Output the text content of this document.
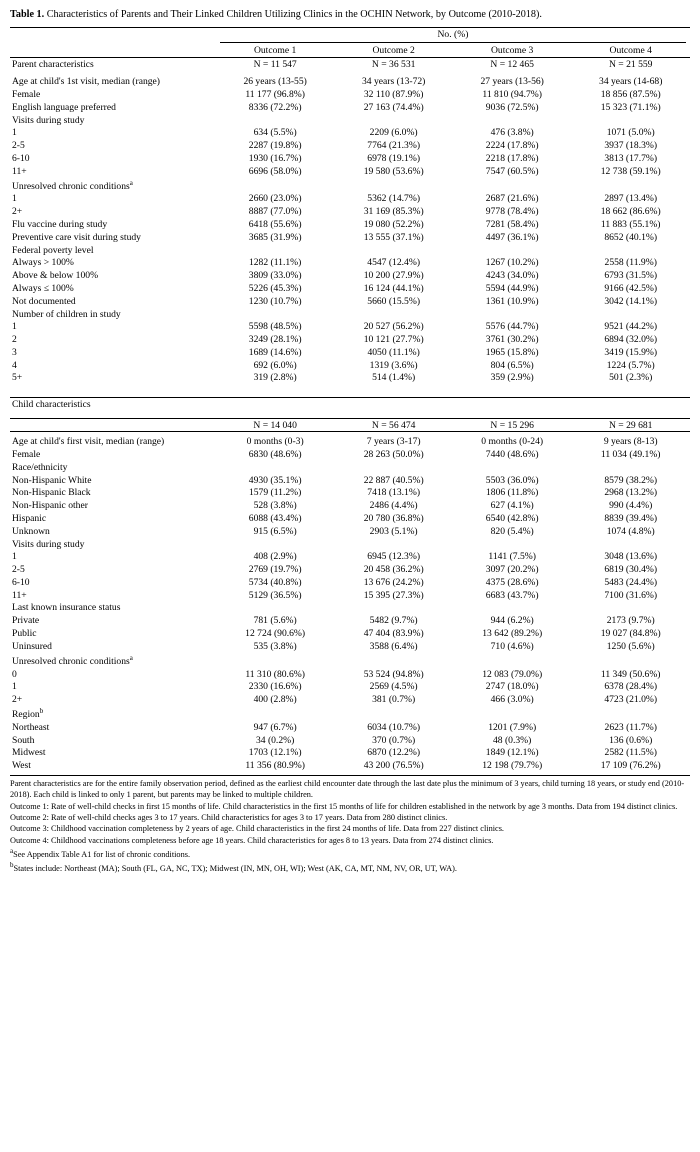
Table 1. Characteristics of Parents and Their Linked Children Utilizing Clinics in the OCHIN Network, by Outcome (2010-2018).

	No. (%)			

	Outcome 1	Outcome 2	Outcome 3	Outcome 4
Parent characteristics	N = 11 547	N = 36 531	N = 12 465	N = 21 559

Age at child's 1st visit, median (range)	26 years (13-55)	34 years (13-72)	27 years (13-56)	34 years (14-68)
Female	11 177 (96.8%)	32 110 (87.9%)	11 810 (94.7%)	18 856 (87.5%)
English language preferred	8336 (72.2%)	27 163 (74.4%)	9036 (72.5%)	15 323 (71.1%)
Visits during study				
1	634 (5.5%)	2209 (6.0%)	476 (3.8%)	1071 (5.0%)
2-5	2287 (19.8%)	7764 (21.3%)	2224 (17.8%)	3937 (18.3%)
6-10	1930 (16.7%)	6978 (19.1%)	2218 (17.8%)	3813 (17.7%)
11+	6696 (58.0%)	19 580 (53.6%)	7547 (60.5%)	12 738 (59.1%)
Unresolved chronic conditions$^a$				
1	2660 (23.0%)	5362 (14.7%)	2687 (21.6%)	2897 (13.4%)
2+	8887 (77.0%)	31 169 (85.3%)	9778 (78.4%)	18 662 (86.6%)
Flu vaccine during study	6418 (55.6%)	19 080 (52.2%)	7281 (58.4%)	11 883 (55.1%)
Preventive care visit during study	3685 (31.9%)	13 555 (37.1%)	4497 (36.1%)	8652 (40.1%)
Federal poverty level				
Always > 100%	1282 (11.1%)	4547 (12.4%)	1267 (10.2%)	2558 (11.9%)
Above & below 100%	3809 (33.0%)	10 200 (27.9%)	4243 (34.0%)	6793 (31.5%)
Always ≤ 100%	5226 (45.3%)	16 124 (44.1%)	5594 (44.9%)	9166 (42.5%)
Not documented	1230 (10.7%)	5660 (15.5%)	1361 (10.9%)	3042 (14.1%)
Number of children in study				
1	5598 (48.5%)	20 527 (56.2%)	5576 (44.7%)	9521 (44.2%)
2	3249 (28.1%)	10 121 (27.7%)	3761 (30.2%)	6894 (32.0%)
3	1689 (14.6%)	4050 (11.1%)	1965 (15.8%)	3419 (15.9%)
4	692 (6.0%)	1319 (3.6%)	804 (6.5%)	1224 (5.7%)
5+	319 (2.8%)	514 (1.4%)	359 (2.9%)	501 (2.3%)

Child characteristics				

	N = 14 040	N = 56 474	N = 15 296	N = 29 681

Age at child's first visit, median (range)	0 months (0-3)	7 years (3-17)	0 months (0-24)	9 years (8-13)
Female	6830 (48.6%)	28 263 (50.0%)	7440 (48.6%)	11 034 (49.1%)
Race/ethnicity				
Non-Hispanic White	4930 (35.1%)	22 887 (40.5%)	5503 (36.0%)	8579 (38.2%)
Non-Hispanic Black	1579 (11.2%)	7418 (13.1%)	1806 (11.8%)	2968 (13.2%)
Non-Hispanic other	528 (3.8%)	2486 (4.4%)	627 (4.1%)	990 (4.4%)
Hispanic	6088 (43.4%)	20 780 (36.8%)	6540 (42.8%)	8839 (39.4%)
Unknown	915 (6.5%)	2903 (5.1%)	820 (5.4%)	1074 (4.8%)
Visits during study				
1	408 (2.9%)	6945 (12.3%)	1141 (7.5%)	3048 (13.6%)
2-5	2769 (19.7%)	20 458 (36.2%)	3097 (20.2%)	6819 (30.4%)
6-10	5734 (40.8%)	13 676 (24.2%)	4375 (28.6%)	5483 (24.4%)
11+	5129 (36.5%)	15 395 (27.3%)	6683 (43.7%)	7100 (31.6%)
Last known insurance status				
Private	781 (5.6%)	5482 (9.7%)	944 (6.2%)	2173 (9.7%)
Public	12 724 (90.6%)	47 404 (83.9%)	13 642 (89.2%)	19 027 (84.8%)
Uninsured	535 (3.8%)	3588 (6.4%)	710 (4.6%)	1250 (5.6%)
Unresolved chronic conditions$^a$				
0	11 310 (80.6%)	53 524 (94.8%)	12 083 (79.0%)	11 349 (50.6%)
1	2330 (16.6%)	2569 (4.5%)	2747 (18.0%)	6378 (28.4%)
2+	400 (2.8%)	381 (0.7%)	466 (3.0%)	4723 (21.0%)
Region$^b$				
Northeast	947 (6.7%)	6034 (10.7%)	1201 (7.9%)	2623 (11.7%)
South	34 (0.2%)	370 (0.7%)	48 (0.3%)	136 (0.6%)
Midwest	1703 (12.1%)	6870 (12.2%)	1849 (12.1%)	2582 (11.5%)
West	11 356 (80.9%)	43 200 (76.5%)	12 198 (79.7%)	17 109 (76.2%)
Parent characteristics are for the entire family observation period, defined as the earliest child encounter date through the last date plus the minimum of 3 years, child turning 18 years, or study end (2010-2018). Each child is linked to only 1 parent, but parents may be linked to multiple children.
Outcome 1: Rate of well-child checks in first 15 months of life. Child characteristics in the first 15 months of life for children established in the network by age 3 months. Data from 194 distinct clinics.
Outcome 2: Rate of well-child checks ages 3 to 17 years. Child characteristics for ages 3 to 17 years. Data from 280 distinct clinics.
Outcome 3: Childhood vaccination completeness by 2 years of age. Child characteristics in the first 24 months of life. Data from 227 distinct clinics.
Outcome 4: Childhood vaccinations completeness before age 18 years. Child characteristics for ages 8 to 13 years. Data from 274 distinct clinics.
$^a$See Appendix Table A1 for list of chronic conditions.
$^b$States include: Northeast (MA); South (FL, GA, NC, TX); Midwest (IN, MN, OH, WI); West (AK, CA, MT, NM, NV, OR, UT, WA).
